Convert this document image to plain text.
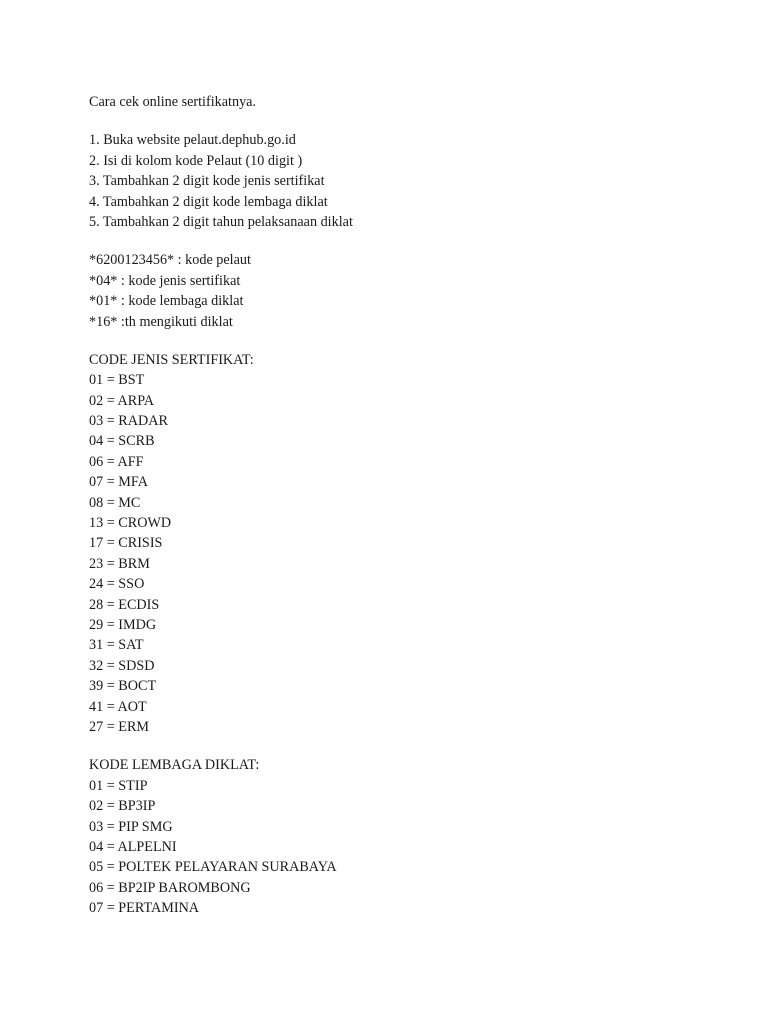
Cara cek online sertifikatnya.
1. Buka website pelaut.dephub.go.id
2. Isi di kolom kode Pelaut (10 digit )
3. Tambahkan 2 digit kode jenis sertifikat
4. Tambahkan 2 digit kode lembaga diklat
5. Tambahkan 2 digit tahun pelaksanaan diklat
*6200123456* : kode pelaut
*04* : kode jenis sertifikat
*01* : kode lembaga diklat
*16* :th mengikuti diklat
CODE JENIS SERTIFIKAT:
01 = BST
02 = ARPA
03 = RADAR
04 = SCRB
06 = AFF
07 = MFA
08 = MC
13 = CROWD
17 = CRISIS
23 = BRM
24 = SSO
28 = ECDIS
29 = IMDG
31 = SAT
32 = SDSD
39 = BOCT
41 = AOT
27 = ERM
KODE LEMBAGA DIKLAT:
01 = STIP
02 = BP3IP
03 = PIP SMG
04 = ALPELNI
05 = POLTEK PELAYARAN SURABAYA
06 = BP2IP BAROMBONG
07 = PERTAMINA
